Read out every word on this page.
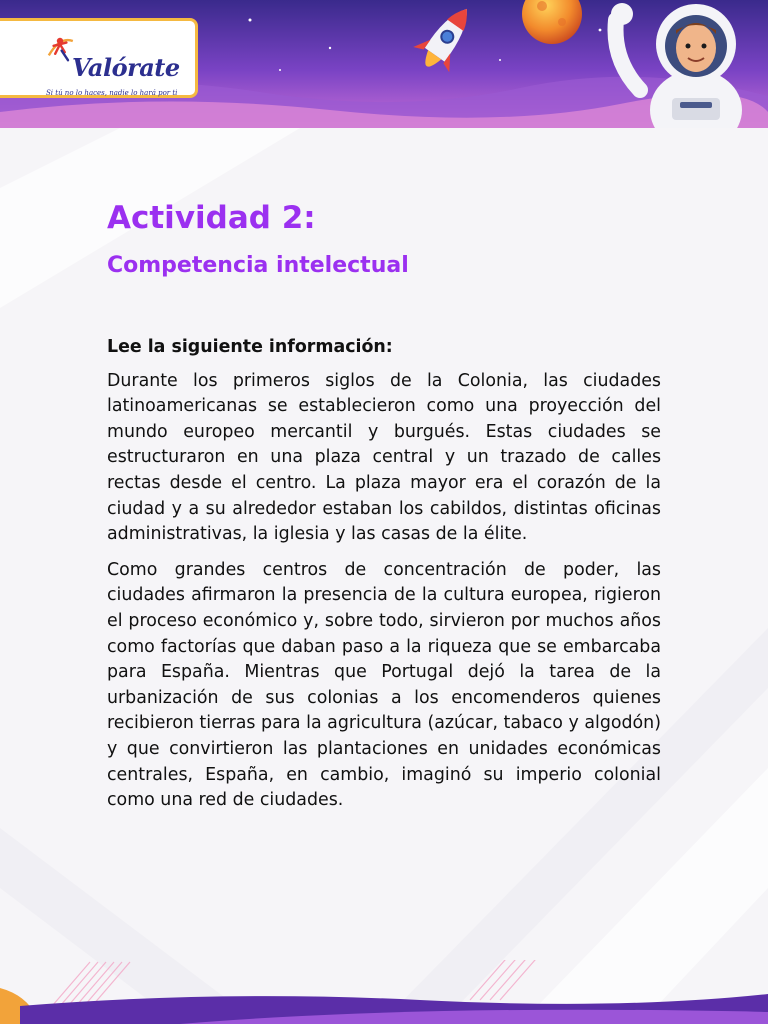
Valórate
Si tú no lo haces, nadie lo hará por ti
Actividad 2:
Competencia intelectual

Lee la siguiente información:

Durante los primeros siglos de la Colonia, las ciudades latinoamericanas se establecieron como una proyección del mundo europeo mercantil y burgués. Estas ciudades se estructuraron en una plaza central y un trazado de calles rectas desde el centro. La plaza mayor era el corazón de la ciudad y a su alrededor estaban los cabildos, distintas oficinas administrativas, la iglesia y las casas de la élite.

Como grandes centros de concentración de poder, las ciudades afirmaron la presencia de la cultura europea, rigieron el proceso económico y, sobre todo, sirvieron por muchos años como factorías que daban paso a la riqueza que se embarcaba para España. Mientras que Portugal dejó la tarea de la urbanización de sus colonias a los encomenderos quienes recibieron tierras para la agricultura (azúcar, tabaco y algodón) y que convirtieron las plantaciones en unidades económicas centrales, España, en cambio, imaginó su imperio colonial como una red de ciudades.
